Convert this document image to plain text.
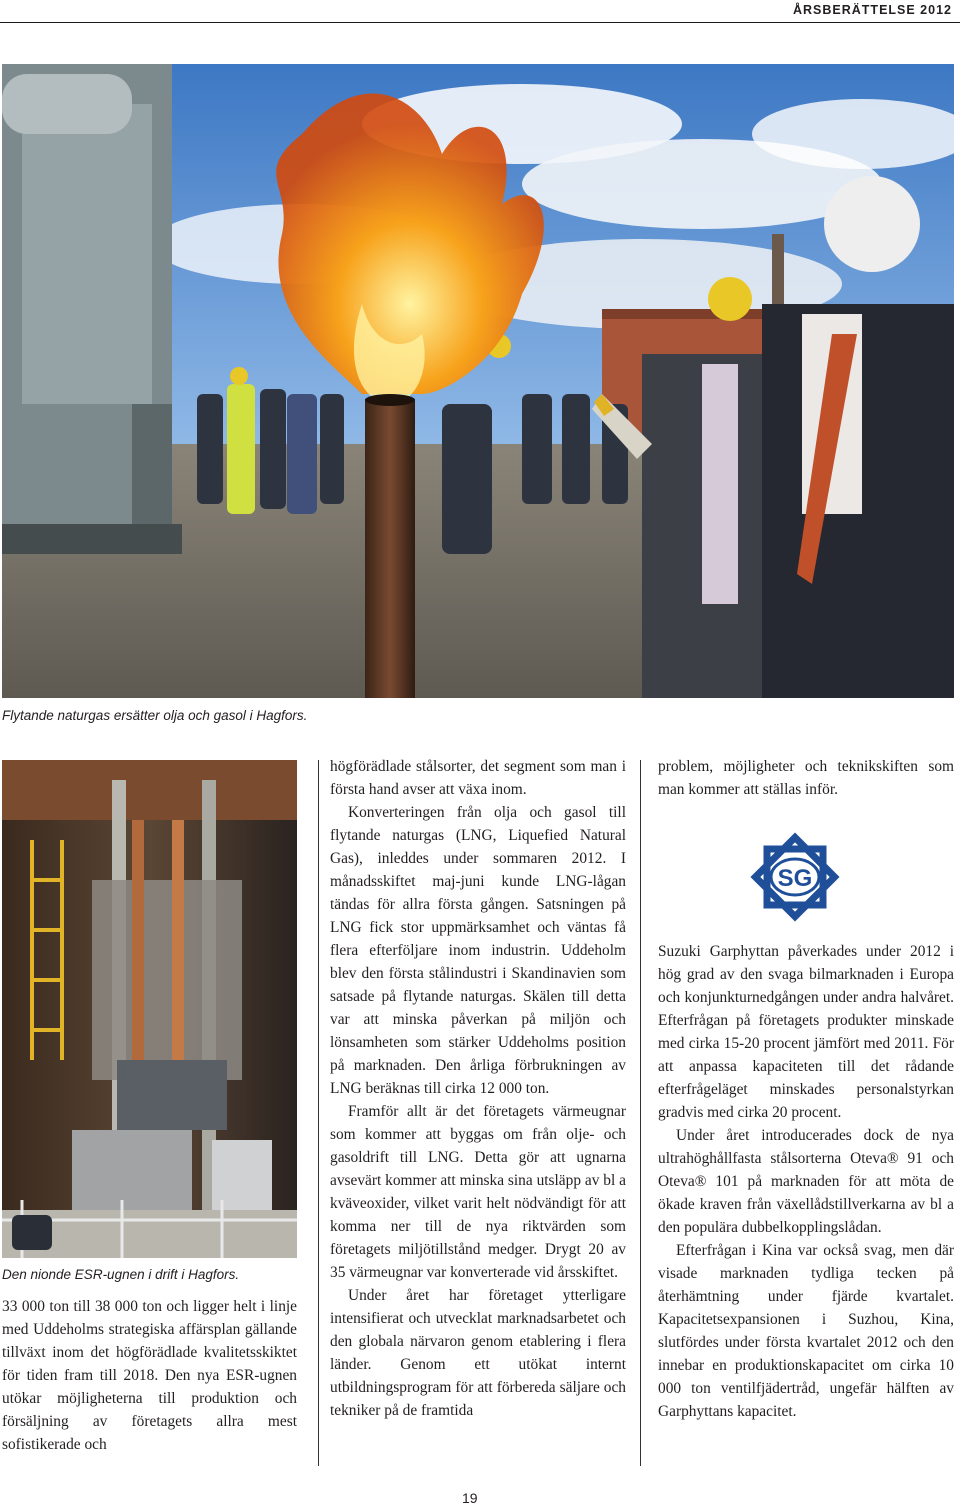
ÅRSBERÄTTELSE 2012
Flytande naturgas ersätter olja och gasol i Hagfors.
Den nionde ESR-ugnen i drift i Hagfors.

33 000 ton till 38 000 ton och ligger helt i linje med Uddeholms strategiska affärsplan gällande tillväxt inom det högförädlade kvalitetsskiktet för tiden fram till 2018. Den nya ESR-ugnen utökar möjligheterna till produktion och försäljning av företagets allra mest sofistikerade och

högförädlade stålsorter, det segment som man i första hand avser att växa inom.

Konverteringen från olja och gasol till flytande naturgas (LNG, Liquefied Natural Gas), inleddes under sommaren 2012. I månadsskiftet maj-juni kunde LNG-lågan tändas för allra första gången. Satsningen på LNG fick stor uppmärksamhet och väntas få flera efterföljare inom industrin. Uddeholm blev den första stålindustri i Skandinavien som satsade på flytande naturgas. Skälen till detta var att minska påverkan på miljön och lönsamheten som stärker Uddeholms position på marknaden. Den årliga förbrukningen av LNG beräknas till cirka 12 000 ton.

Framför allt är det företagets värmeugnar som kommer att byggas om från olje- och gasoldrift till LNG. Detta gör att ugnarna avsevärt kommer att minska sina utsläpp av bl a kväveoxider, vilket varit helt nödvändigt för att komma ner till de nya riktvärden som företagets miljötillstånd medger. Drygt 20 av 35 värmeugnar var konverterade vid årsskiftet.

Under året har företaget ytterligare intensifierat och utvecklat marknadsarbetet och den globala närvaron genom etablering i flera länder. Genom ett utökat internt utbildningsprogram för att förbereda säljare och tekniker på de framtida

problem, möjligheter och teknikskiften som man kommer att ställas inför.

SG

Suzuki Garphyttan påverkades under 2012 i hög grad av den svaga bilmarknaden i Europa och konjunkturnedgången under andra halvåret. Efterfrågan på företagets produkter minskade med cirka 15-20 procent jämfört med 2011. För att anpassa kapaciteten till det rådande efterfrågeläget minskades personalstyrkan gradvis med cirka 20 procent.

Under året introducerades dock de nya ultrahöghållfasta stålsorterna Oteva® 91 och Oteva® 101 på marknaden för att möta de ökade kraven från växellådstillverkarna av bl a den populära dubbelkopplingslådan.

Efterfrågan i Kina var också svag, men där visade marknaden tydliga tecken på återhämtning under fjärde kvartalet. Kapacitetsexpansionen i Suzhou, Kina, slutfördes under första kvartalet 2012 och den innebar en produktionskapacitet om cirka 10 000 ton ventilfjädertråd, ungefär hälften av Garphyttans kapacitet.

19
